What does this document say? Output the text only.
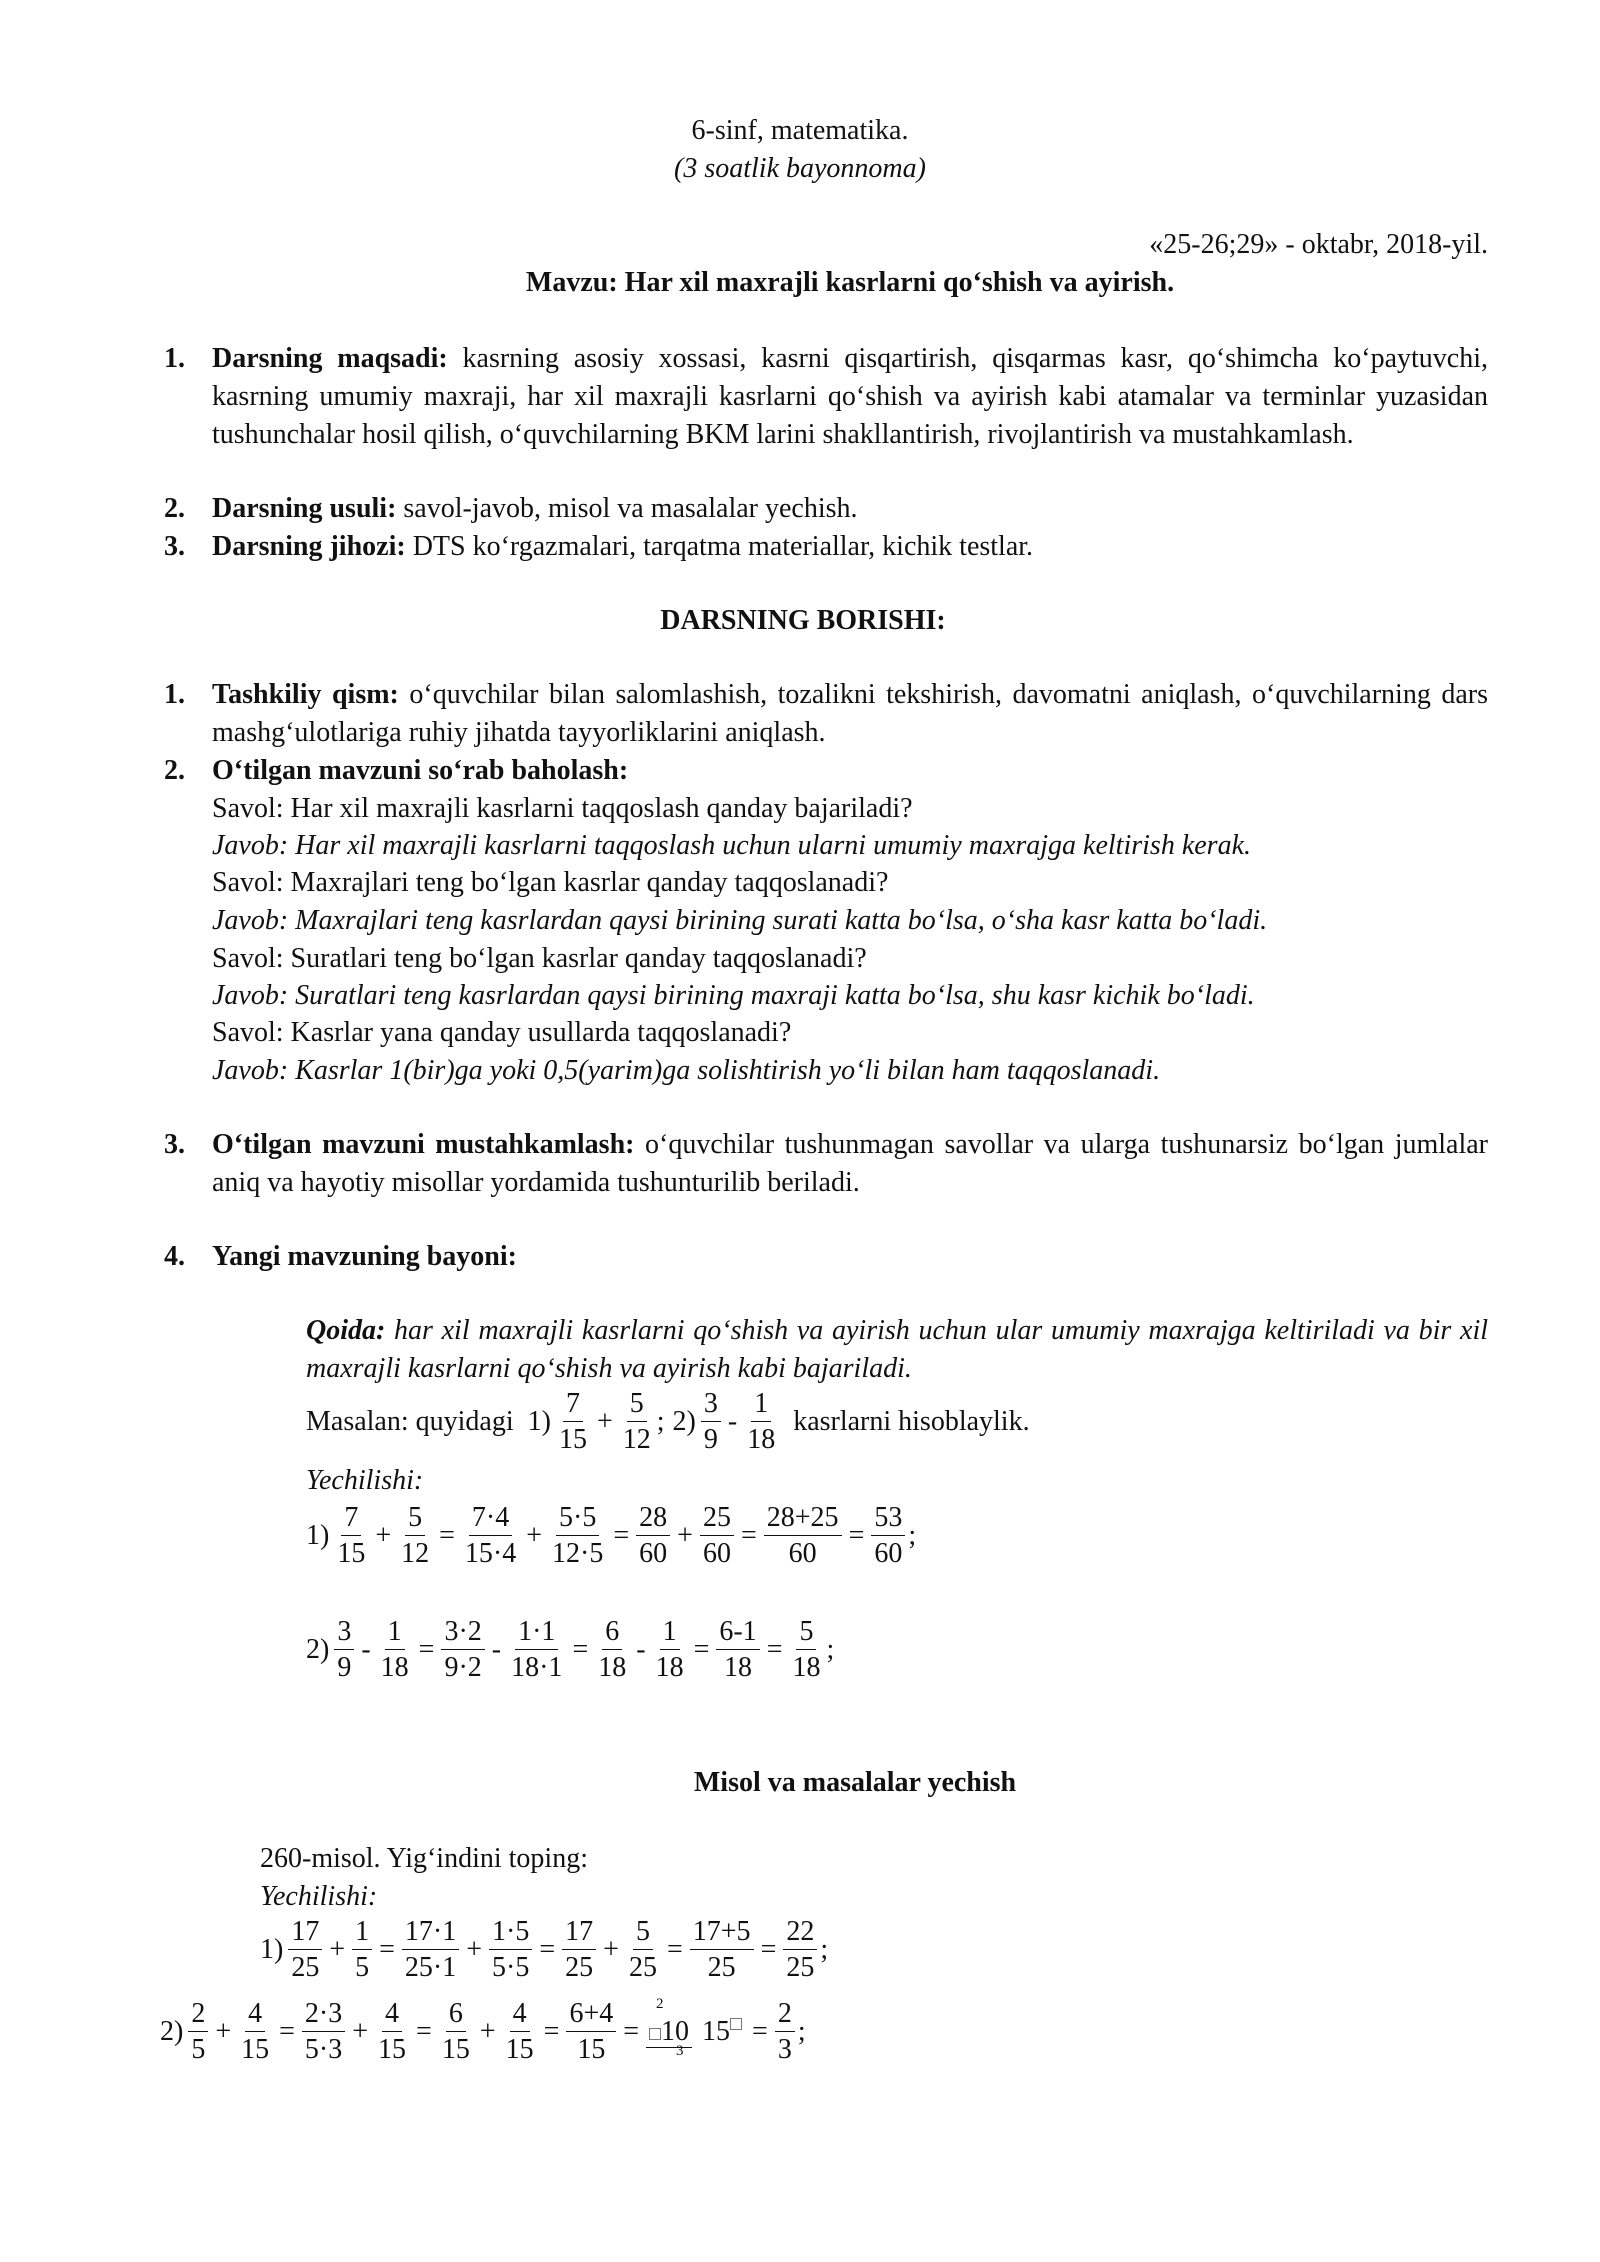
6-sinf, matematika.
(3 soatlik bayonnoma)
«25-26;29» - oktabr, 2018-yil.
Mavzu: Har xil maxrajli kasrlarni qo‘shish va ayirish.
1. Darsning maqsadi: kasrning asosiy xossasi, kasrni qisqartirish, qisqarmas kasr, qo‘shimcha ko‘paytuvchi, kasrning umumiy maxraji, har xil maxrajli kasrlarni qo‘shish va ayirish kabi atamalar va terminlar yuzasidan tushunchalar hosil qilish, o‘quvchilarning BKM larini shakllantirish, rivojlantirish va mustahkamlash.
2. Darsning usuli: savol-javob, misol va masalalar yechish.
3. Darsning jihozi: DTS ko‘rgazmalari, tarqatma materiallar, kichik testlar.
DARSNING BORISHI:
1. Tashkiliy qism: o‘quvchilar bilan salomlashish, tozalikni tekshirish, davomatni aniqlash, o‘quvchilarning dars mashg‘ulotlariga ruhiy jihatda tayyorliklarini aniqlash.
2. O‘tilgan mavzuni so‘rab baholash:
Savol: Har xil maxrajli kasrlarni taqqoslash qanday bajariladi?
Javob: Har xil maxrajli kasrlarni taqqoslash uchun ularni umumiy maxrajga keltirish kerak.
Savol: Maxrajlari teng bo‘lgan kasrlar qanday taqqoslanadi?
Javob: Maxrajlari teng kasrlardan qaysi birining surati katta bo‘lsa, o‘sha kasr katta bo‘ladi.
Savol: Suratlari teng bo‘lgan kasrlar qanday taqqoslanadi?
Javob: Suratlari teng kasrlardan qaysi birining maxraji katta bo‘lsa, shu kasr kichik bo‘ladi.
Savol: Kasrlar yana qanday usullarda taqqoslanadi?
Javob: Kasrlar 1(bir)ga yoki 0,5(yarim)ga solishtirish yo‘li bilan ham taqqoslanadi.
3. O‘tilgan mavzuni mustahkamlash: o‘quvchilar tushunmagan savollar va ularga tushunarsiz bo‘lgan jumlalar aniq va hayotiy misollar yordamida tushunturilib beriladi.
4. Yangi mavzuning bayoni:
Qoida: har xil maxrajli kasrlarni qo‘shish va ayirish uchun ular umumiy maxrajga keltiriladi va bir xil maxrajli kasrlarni qo‘shish va ayirish kabi bajariladi.
Masalan: quyidagi $1) \frac{7}{15} + \frac{5}{12}$ ; $2) \frac{3}{9} - \frac{1}{18}$ kasrlarni hisoblaylik.
Yechilishi:
$1) \frac{7}{15} + \frac{5}{12} = \frac{7\cdot 4}{15\cdot 4} + \frac{5\cdot 5}{12\cdot 5} = \frac{28}{60} + \frac{25}{60} = \frac{28+25}{60} = \frac{53}{60}$ ;
$2) \frac{3}{9} - \frac{1}{18} = \frac{3\cdot 2}{9\cdot 2} - \frac{1\cdot 1}{18\cdot 1} = \frac{6}{18} - \frac{1}{18} = \frac{6-1}{18} = \frac{5}{18}$ ;
Misol va masalalar yechish
260-misol. Yig‘indini toping:
Yechilishi:
$1) \frac{17}{25} + \frac{1}{5} = \frac{17\cdot 1}{25\cdot 1} + \frac{1\cdot 5}{5\cdot 5} = \frac{17}{25} + \frac{5}{25} = \frac{17+5}{25} = \frac{22}{25}$ ;
$2) \frac{2}{5} + \frac{4}{15} = \frac{2\cdot 3}{5\cdot 3} + \frac{4}{15} = \frac{6}{15} + \frac{4}{15} = \frac{6+4}{15}$ =
2
10 15
3
= $\frac{2}{3}$ ;
